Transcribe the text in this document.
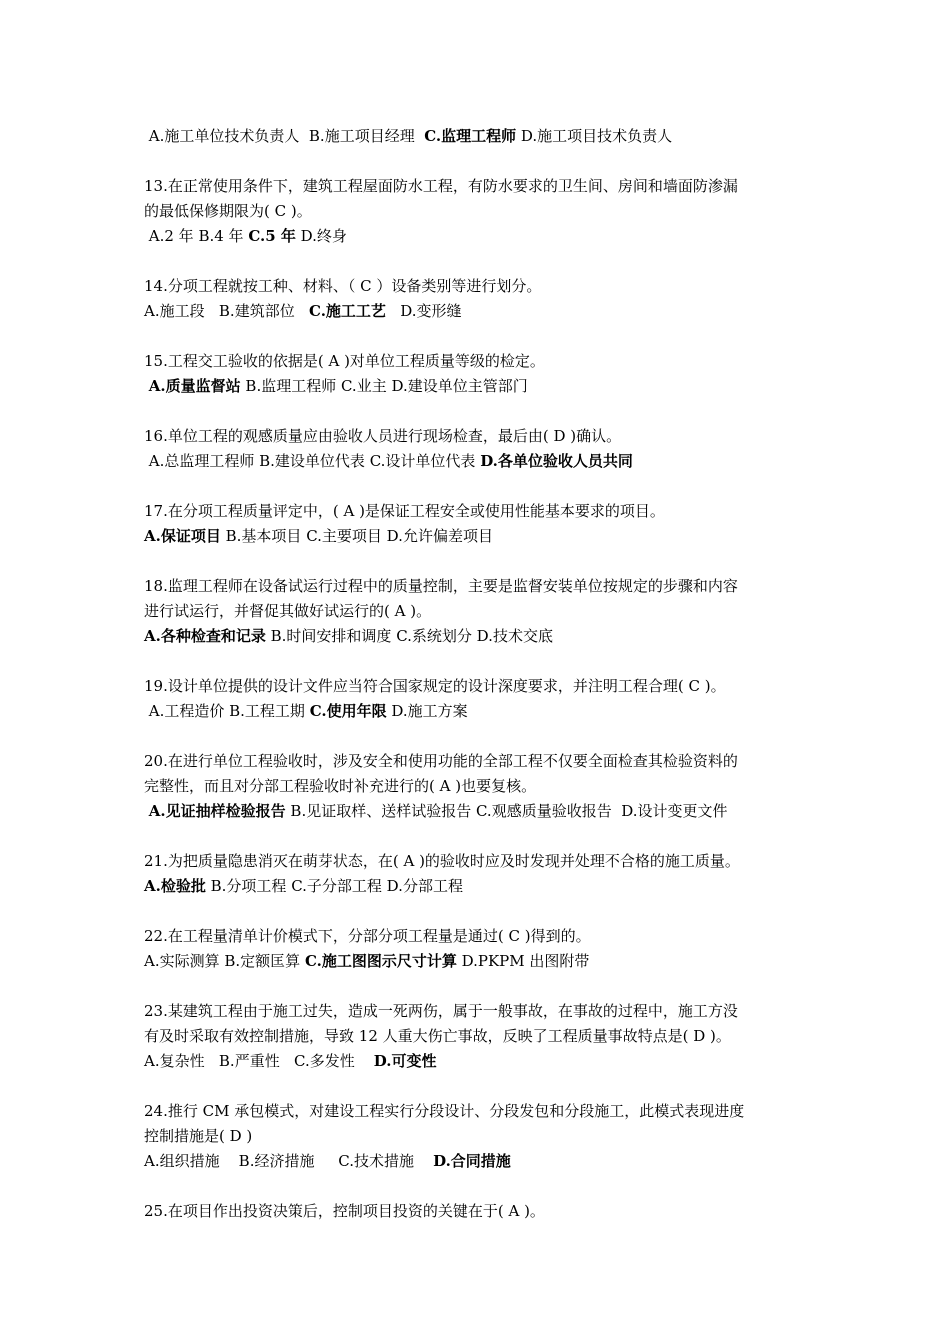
A.施工单位技术负责人  B.施工项目经理  C.监理工程师 D.施工项目技术负责人

13.在正常使用条件下，建筑工程屋面防水工程，有防水要求的卫生间、房间和墙面防渗漏

的最低保修期限为( C )。

A.2 年 B.4 年 C.5 年 D.终身

14.分项工程就按工种、材料、（ C ）设备类别等进行划分。

A.施工段   B.建筑部位   C.施工工艺   D.变形缝

15.工程交工验收的依据是( A )对单位工程质量等级的检定。

A.质量监督站 B.监理工程师 C.业主 D.建设单位主管部门

16.单位工程的观感质量应由验收人员进行现场检查，最后由( D )确认。

A.总监理工程师 B.建设单位代表 C.设计单位代表 D.各单位验收人员共同

17.在分项工程质量评定中，( A )是保证工程安全或使用性能基本要求的项目。

A.保证项目 B.基本项目 C.主要项目 D.允许偏差项目

18.监理工程师在设备试运行过程中的质量控制，主要是监督安装单位按规定的步骤和内容

进行试运行，并督促其做好试运行的( A )。

A.各种检查和记录 B.时间安排和调度 C.系统划分 D.技术交底

19.设计单位提供的设计文件应当符合国家规定的设计深度要求，并注明工程合理( C )。

A.工程造价 B.工程工期 C.使用年限 D.施工方案

20.在进行单位工程验收时，涉及安全和使用功能的全部工程不仅要全面检查其检验资料的

完整性，而且对分部工程验收时补充进行的( A )也要复核。

A.见证抽样检验报告 B.见证取样、送样试验报告 C.观感质量验收报告  D.设计变更文件

21.为把质量隐患消灭在萌芽状态，在( A )的验收时应及时发现并处理不合格的施工质量。

A.检验批 B.分项工程 C.子分部工程 D.分部工程

22.在工程量清单计价模式下，分部分项工程量是通过( C )得到的。

A.实际测算 B.定额匡算 C.施工图图示尺寸计算 D.PKPM 出图附带

23.某建筑工程由于施工过失，造成一死两伤，属于一般事故，在事故的过程中，施工方没

有及时采取有效控制措施，导致 12 人重大伤亡事故，反映了工程质量事故特点是( D )。

A.复杂性   B.严重性   C.多发性    D.可变性

24.推行 CM 承包模式，对建设工程实行分段设计、分段发包和分段施工，此模式表现进度

控制措施是( D )

A.组织措施    B.经济措施     C.技术措施    D.合同措施

25.在项目作出投资决策后，控制项目投资的关键在于( A )。
